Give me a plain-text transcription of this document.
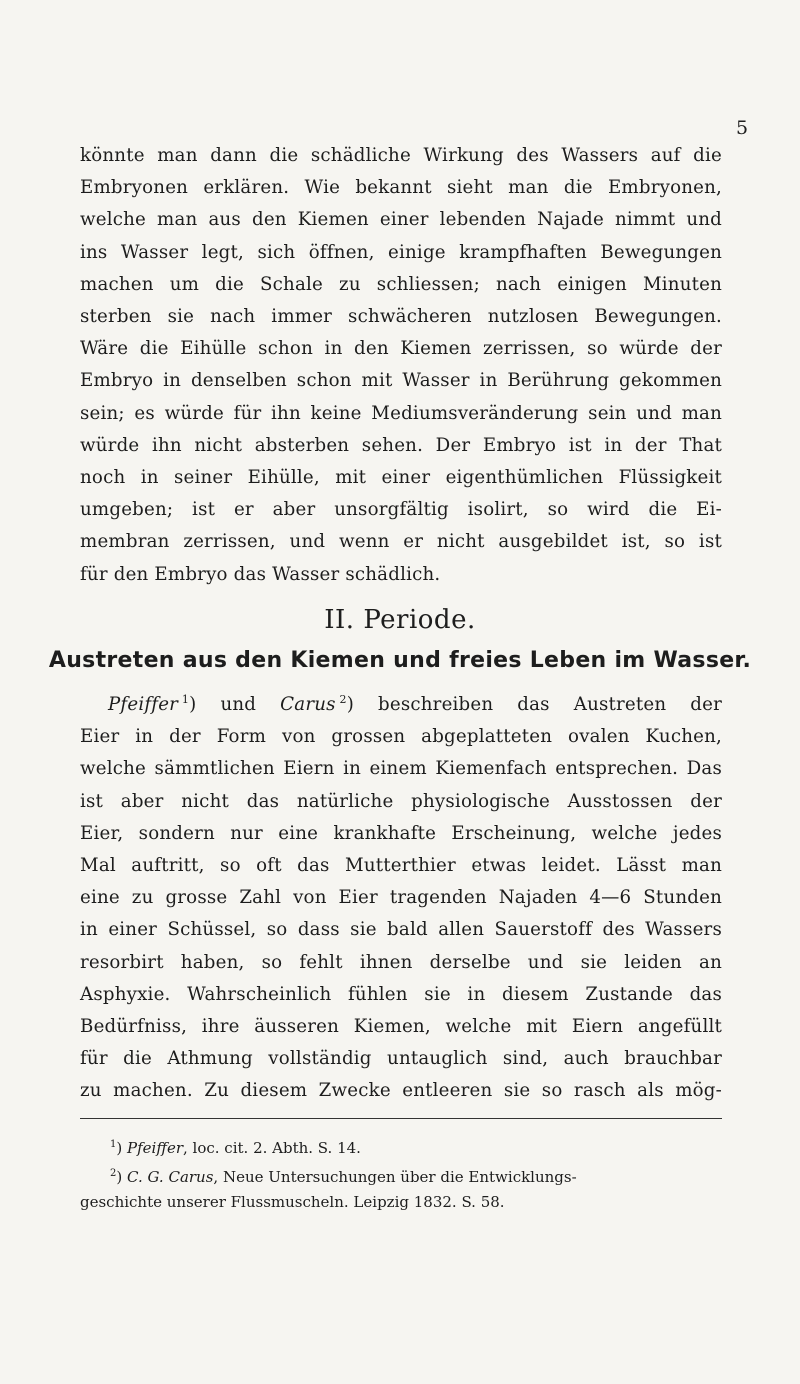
5
könnte man dann die schädliche Wirkung des Wassers auf die
Embryonen erklären. Wie bekannt sieht man die Embryonen,
welche man aus den Kiemen einer lebenden Najade nimmt und
ins Wasser legt, sich öffnen, einige krampfhaften Bewegungen
machen um die Schale zu schliessen; nach einigen Minuten
sterben sie nach immer schwächeren nutzlosen Bewegungen.
Wäre die Eihülle schon in den Kiemen zerrissen, so würde der
Embryo in denselben schon mit Wasser in Berührung gekommen
sein; es würde für ihn keine Mediumsveränderung sein und man
würde ihn nicht absterben sehen. Der Embryo ist in der That
noch in seiner Eihülle, mit einer eigenthümlichen Flüssigkeit
umgeben; ist er aber unsorgfältig isolirt, so wird die Ei-
membran zerrissen, und wenn er nicht ausgebildet ist, so ist
für den Embryo das Wasser schädlich.
II. Periode.
Austreten aus den Kiemen und freies Leben im Wasser.
Pfeiffer  $^1$) und Carus  $^2$) beschreiben das Austreten der
Eier in der Form von grossen abgeplatteten ovalen Kuchen,
welche sämmtlichen Eiern in einem Kiemenfach entsprechen. Das
ist aber nicht das natürliche physiologische Ausstossen der
Eier, sondern nur eine krankhafte Erscheinung, welche jedes
Mal auftritt, so oft das Mutterthier etwas leidet. Lässt man
eine zu grosse Zahl von Eier tragenden Najaden 4—6 Stunden
in einer Schüssel, so dass sie bald allen Sauerstoff des Wassers
resorbirt haben, so fehlt ihnen derselbe und sie leiden an
Asphyxie. Wahrscheinlich fühlen sie in diesem Zustande das
Bedürfniss, ihre äusseren Kiemen, welche mit Eiern angefüllt
für die Athmung vollständig untauglich sind, auch brauchbar
zu machen. Zu diesem Zwecke entleeren sie so rasch als mög-
$^1$) Pfeiffer, loc. cit. 2. Abth. S. 14.
$^2$) C. G. Carus, Neue Untersuchungen über die Entwicklungs-
geschichte unserer Flussmuscheln. Leipzig 1832. S. 58.
